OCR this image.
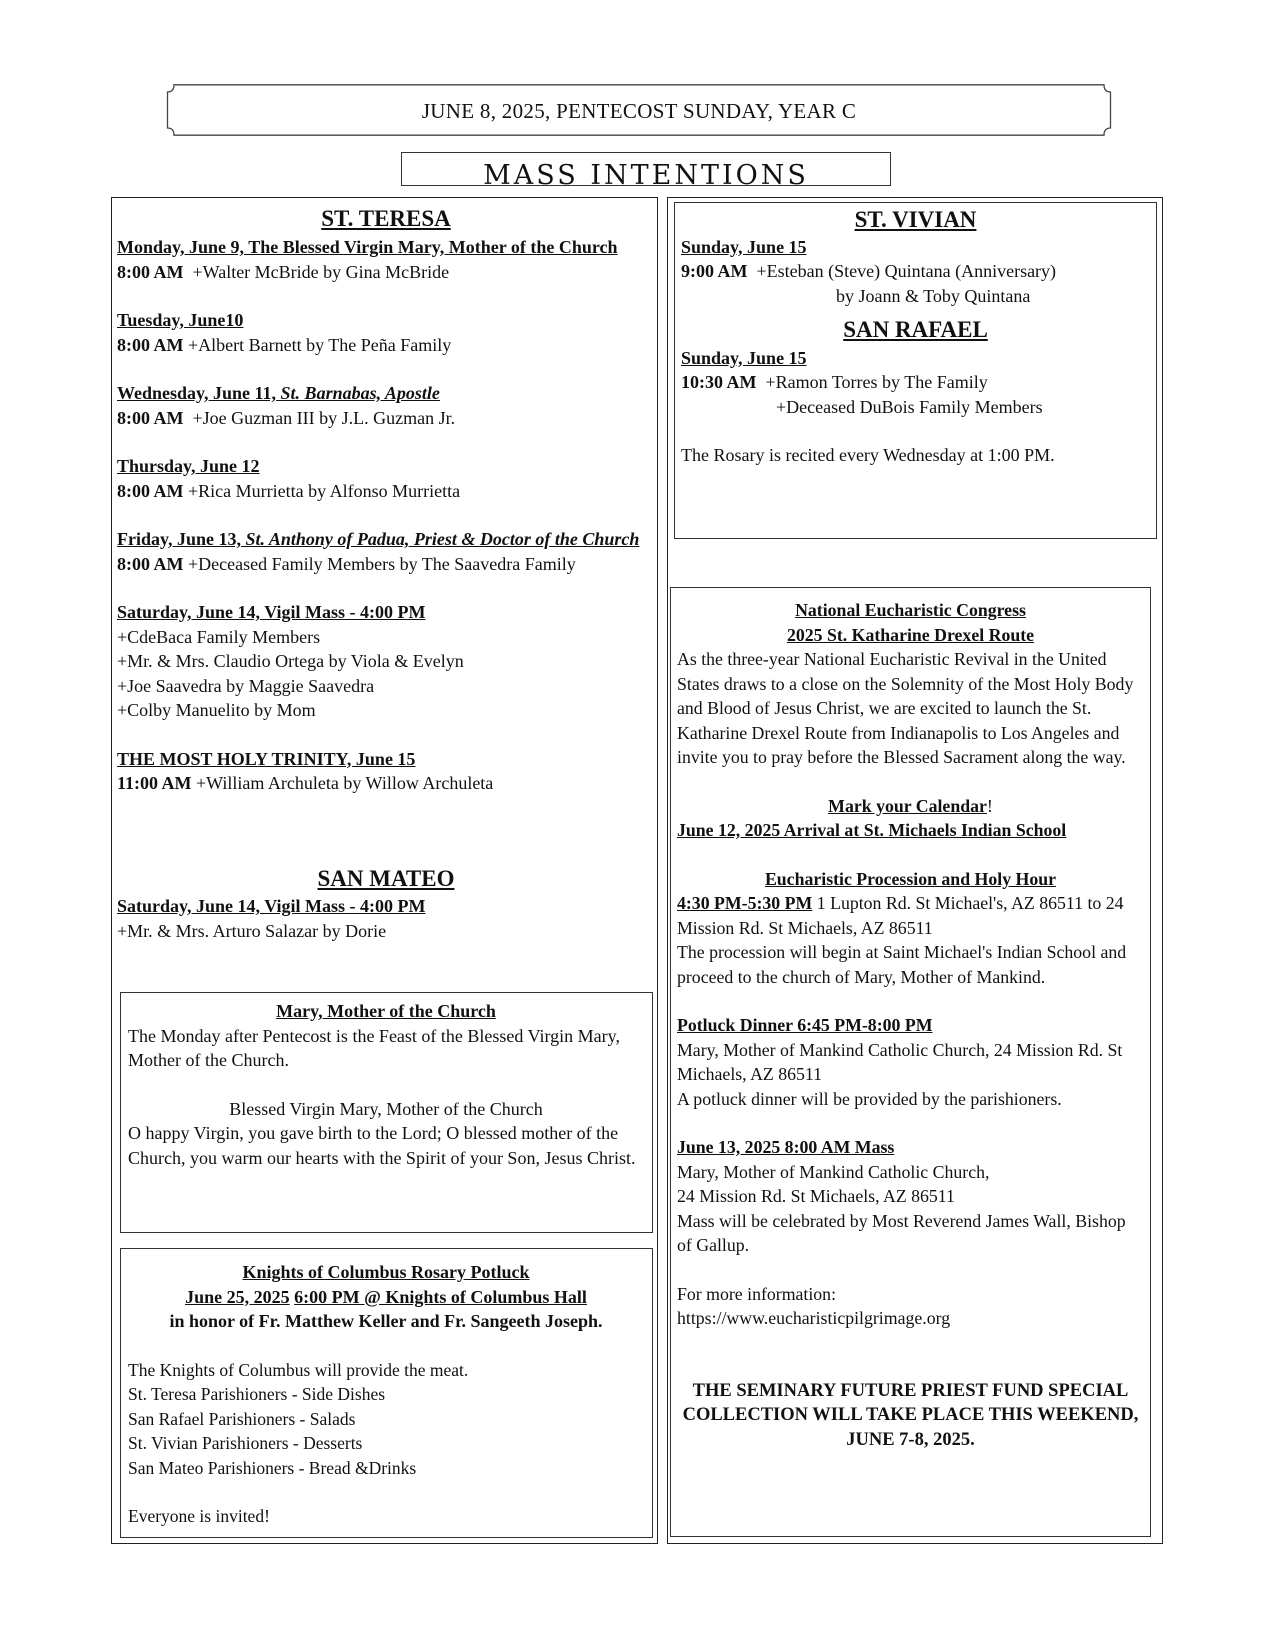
JUNE 8, 2025, PENTECOST SUNDAY, YEAR C
MASS INTENTIONS
ST. TERESA
Monday, June 9, The Blessed Virgin Mary, Mother of the Church
8:00 AM +Walter McBride by Gina McBride
Tuesday, June10
8:00 AM +Albert Barnett by The Peña Family
Wednesday, June 11, St. Barnabas, Apostle
8:00 AM +Joe Guzman III by J.L. Guzman Jr.
Thursday, June 12
8:00 AM +Rica Murrietta by Alfonso Murrietta
Friday, June 13, St. Anthony of Padua, Priest & Doctor of the Church
8:00 AM +Deceased Family Members by The Saavedra Family
Saturday, June 14, Vigil Mass - 4:00 PM
+CdeBaca Family Members
+Mr. & Mrs. Claudio Ortega by Viola & Evelyn
+Joe Saavedra by Maggie Saavedra
+Colby Manuelito by Mom
THE MOST HOLY TRINITY, June 15
11:00 AM +William Archuleta by Willow Archuleta
SAN MATEO
Saturday, June 14, Vigil Mass - 4:00 PM
+Mr. & Mrs. Arturo Salazar by Dorie
Mary, Mother of the Church
The Monday after Pentecost is the Feast of the Blessed Virgin Mary, Mother of the Church.
Blessed Virgin Mary, Mother of the Church
O happy Virgin, you gave birth to the Lord; O blessed mother of the Church, you warm our hearts with the Spirit of your Son, Jesus Christ.
Knights of Columbus Rosary Potluck
June 25, 2025 6:00 PM @ Knights of Columbus Hall
in honor of Fr. Matthew Keller and Fr. Sangeeth Joseph.
The Knights of Columbus will provide the meat.
St. Teresa Parishioners - Side Dishes
San Rafael Parishioners - Salads
St. Vivian Parishioners - Desserts
San Mateo Parishioners - Bread &Drinks
Everyone is invited!
ST. VIVIAN
Sunday, June 15
9:00 AM +Esteban (Steve) Quintana (Anniversary)
by Joann & Toby Quintana
SAN RAFAEL
Sunday, June 15
10:30 AM +Ramon Torres by The Family
+Deceased DuBois Family Members
The Rosary is recited every Wednesday at 1:00 PM.
National Eucharistic Congress
2025 St. Katharine Drexel Route
As the three-year National Eucharistic Revival in the United States draws to a close on the Solemnity of the Most Holy Body and Blood of Jesus Christ, we are excited to launch the St. Katharine Drexel Route from Indianapolis to Los Angeles and invite you to pray before the Blessed Sacrament along the way.
Mark your Calendar!
June 12, 2025 Arrival at St. Michaels Indian School
Eucharistic Procession and Holy Hour
4:30 PM-5:30 PM 1 Lupton Rd. St Michael's, AZ 86511 to 24 Mission Rd. St Michaels, AZ 86511
The procession will begin at Saint Michael's Indian School and proceed to the church of Mary, Mother of Mankind.
Potluck Dinner 6:45 PM-8:00 PM
Mary, Mother of Mankind Catholic Church, 24 Mission Rd. St Michaels, AZ 86511
A potluck dinner will be provided by the parishioners.
June 13, 2025 8:00 AM Mass
Mary, Mother of Mankind Catholic Church,
24 Mission Rd. St Michaels, AZ 86511
Mass will be celebrated by Most Reverend James Wall, Bishop of Gallup.
For more information:
https://www.eucharisticpilgrimage.org
THE SEMINARY FUTURE PRIEST FUND SPECIAL COLLECTION WILL TAKE PLACE THIS WEEKEND, JUNE 7-8, 2025.
